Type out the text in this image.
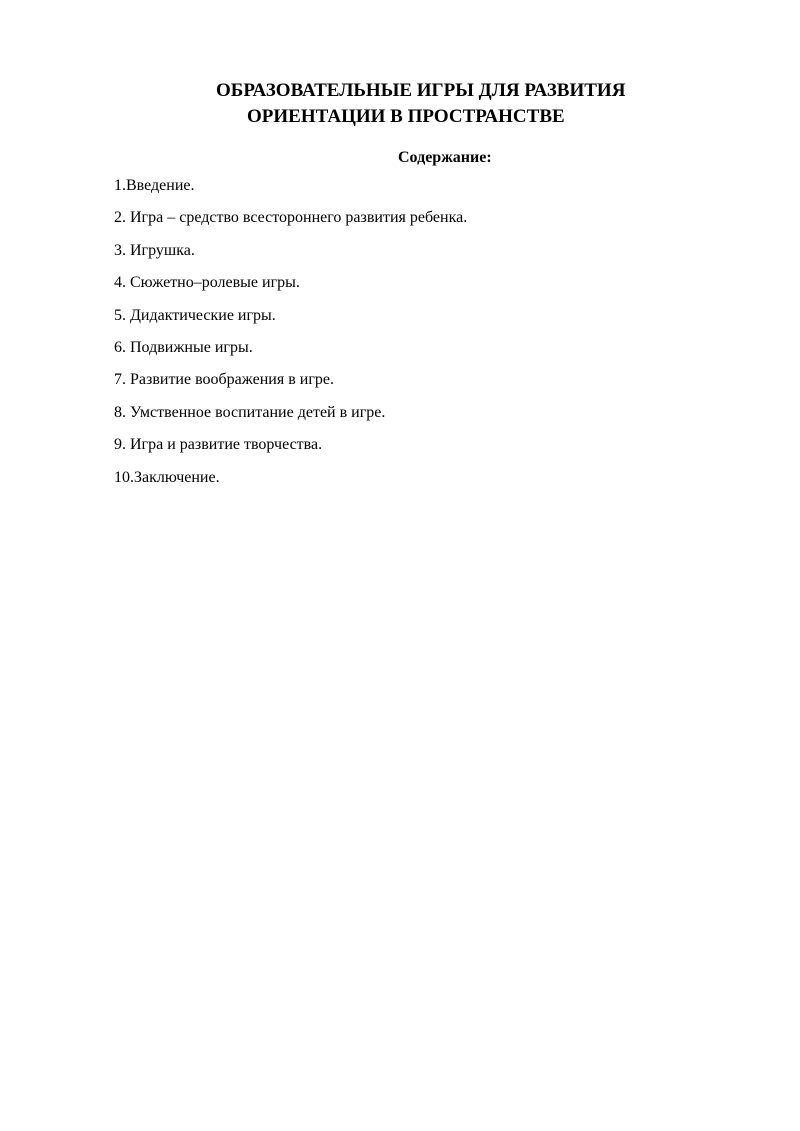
ОБРАЗОВАТЕЛЬНЫЕ ИГРЫ ДЛЯ РАЗВИТИЯ
ОРИЕНТАЦИИ В ПРОСТРАНСТВЕ
Содержание:
1.Введение.
2. Игра – средство всестороннего развития ребенка.
3. Игрушка.
4. Сюжетно–ролевые игры.
5. Дидактические игры.
6. Подвижные игры.
7. Развитие воображения в игре.
8. Умственное воспитание детей в игре.
9. Игра и развитие творчества.
10.Заключение.
